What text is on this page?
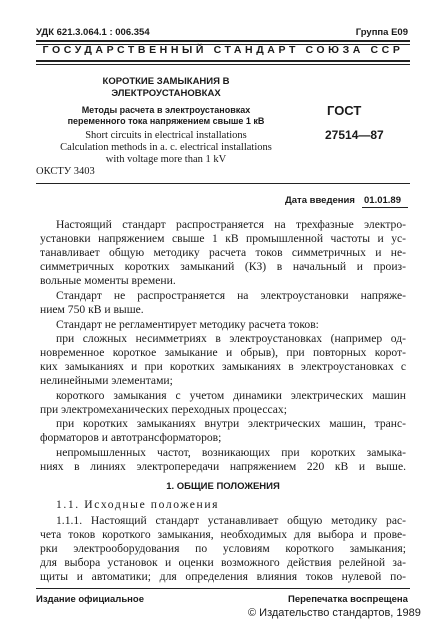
УДК 621.3.064.1 : 006.354	Группа Е09
ГОСУДАРСТВЕННЫЙ СТАНДАРТ СОЮЗА ССР
КОРОТКИЕ ЗАМЫКАНИЯ В
ЭЛЕКТРОУСТАНОВКАХ
Методы расчета в электроустановках
переменного тока напряжением свыше 1 кВ
Short circuits in electrical installations
Calculation methods in a. c. electrical installations
with voltage more than 1 kV
ОКСТУ 3403
ГОСТ
27514—87
Дата введения 01.01.89
Настоящий стандарт распространяется на трехфазные электро-
установки напряжением свыше 1 кВ промышленной частоты и ус-
танавливает общую методику расчета токов симметричных и не-
симметричных коротких замыканий (КЗ) в начальный и произ-
вольные моменты времени.
Стандарт не распространяется на электроустановки напряже-
нием 750 кВ и выше.
Стандарт не регламентирует методику расчета токов:
при сложных несимметриях в электроустановках (например од-
новременное короткое замыкание и обрыв), при повторных корот-
ких замыканиях и при коротких замыканиях в электроустановках с
нелинейными элементами;
короткого замыкания с учетом динамики электрических машин
при электромеханических переходных процессах;
при коротких замыканиях внутри электрических машин, транс-
форматоров и автотрансформаторов;
непромышленных частот, возникающих при коротких замыка-
ниях в линиях электропередачи напряжением 220 кВ и выше.
1. ОБЩИЕ ПОЛОЖЕНИЯ
1.1. Исходные положения
1.1.1. Настоящий стандарт устанавливает общую методику рас-
чета токов короткого замыкания, необходимых для выбора и прове-
рки электрооборудования по условиям короткого замыкания;
для выбора установок и оценки возможного действия релейной за-
щиты и автоматики; для определения влияния токов нулевой по-
Издание официальное	Перепечатка воспрещена
© Издательство стандартов, 1989
